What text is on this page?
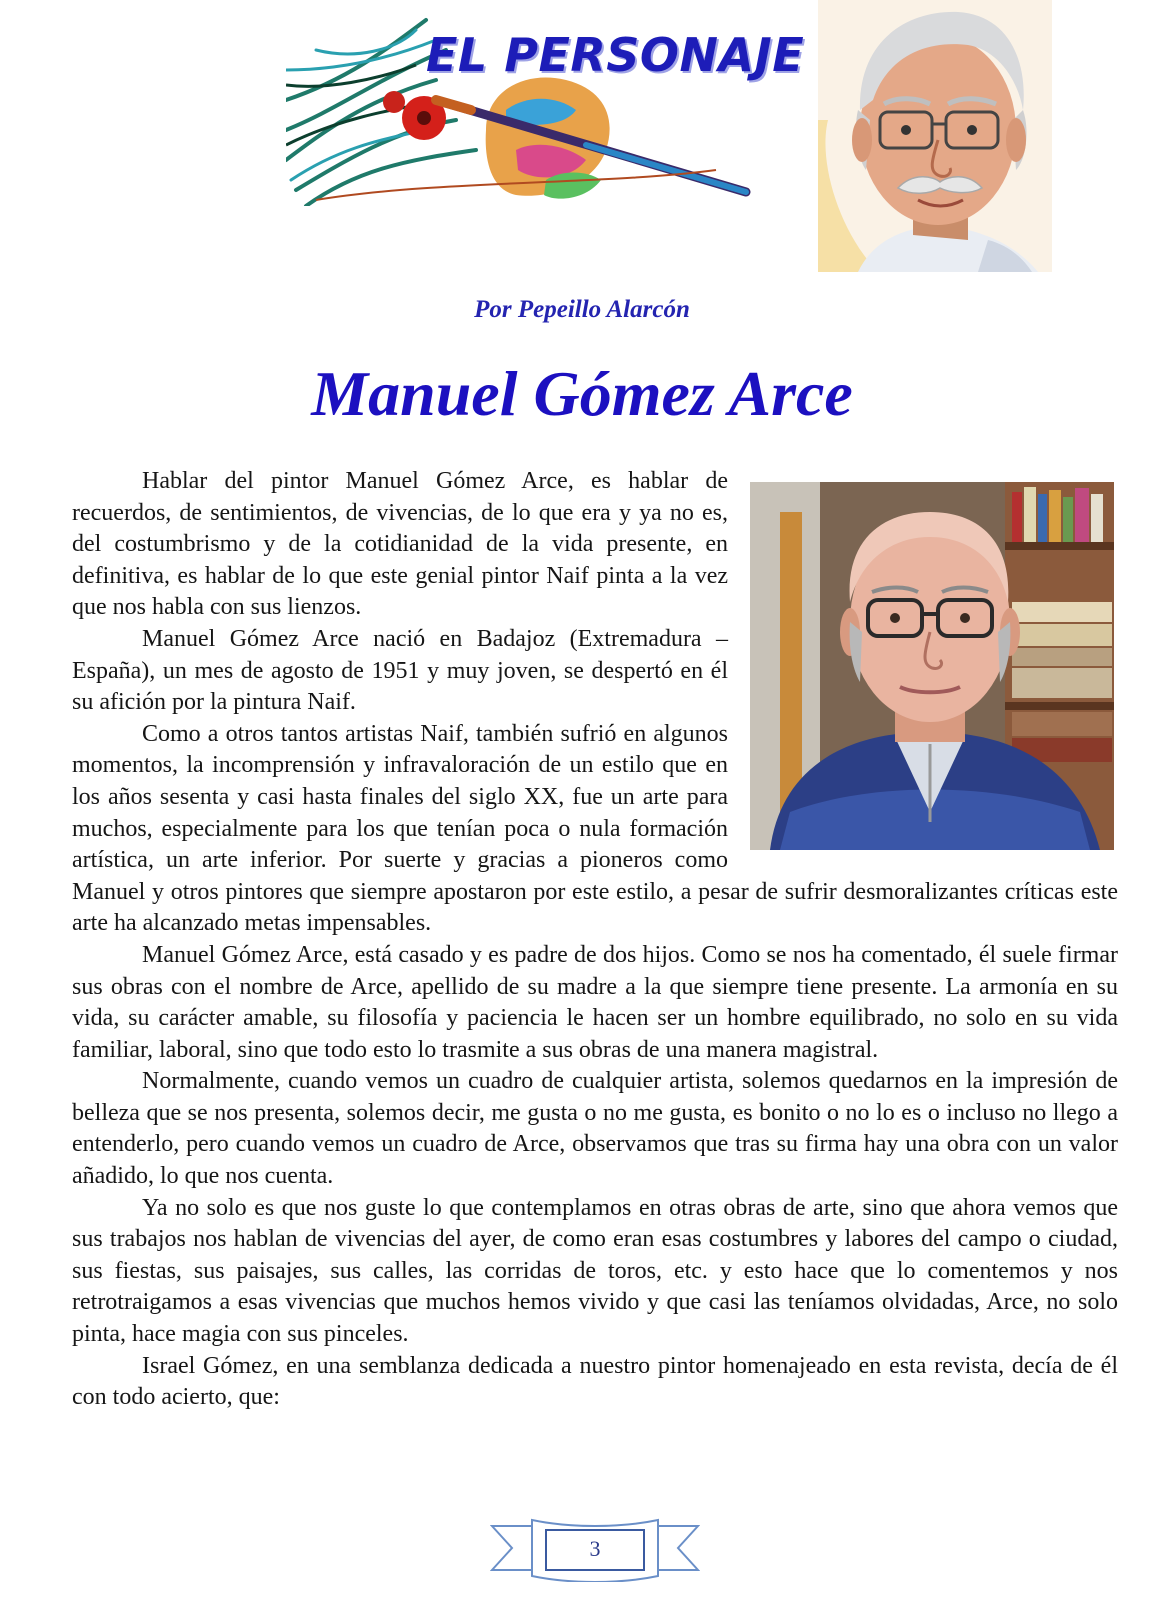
EL PERSONAJE
Por Pepeillo Alarcón
Manuel Gómez Arce

Hablar del pintor Manuel Gómez Arce, es hablar de recuerdos, de sentimientos, de vivencias, de lo que era y ya no es, del costumbrismo y de la cotidianidad de la vida presente, en definitiva, es hablar de lo que este genial pintor Naif pinta a la vez que nos habla con sus lienzos.

Manuel Gómez Arce nació en Badajoz (Extremadura – España), un mes de agosto de 1951 y muy joven, se despertó en él su afición por la pintura Naif.

Como a otros tantos artistas Naif, también sufrió en algunos momentos, la incomprensión y infravaloración de un estilo que en los años sesenta y casi hasta finales del siglo XX, fue un arte para muchos, especialmente para los que tenían poca o nula formación artística, un arte inferior. Por suerte y gracias a pioneros como Manuel y otros pintores que siempre apostaron por este estilo, a pesar de sufrir desmoralizantes críticas este arte ha alcanzado metas impensables.

Manuel Gómez Arce, está casado y es padre de dos hijos. Como se nos ha comentado, él suele firmar sus obras con el nombre de Arce, apellido de su madre a la que siempre tiene presente. La armonía en su vida, su carácter amable, su filosofía y paciencia le hacen ser un hombre equilibrado, no solo en su vida familiar, laboral, sino que todo esto lo trasmite a sus obras de una manera magistral.

Normalmente, cuando vemos un cuadro de cualquier artista, solemos quedarnos en la impresión de belleza que se nos presenta, solemos decir, me gusta o no me gusta, es bonito o no lo es o incluso no llego a entenderlo, pero cuando vemos un cuadro de Arce, observamos que tras su firma hay una obra con un valor añadido, lo que nos cuenta.

Ya no solo es que nos guste lo que contemplamos en otras obras de arte, sino que ahora vemos que sus trabajos nos hablan de vivencias del ayer, de como eran esas costumbres y labores del campo o ciudad, sus fiestas, sus paisajes, sus calles, las corridas de toros, etc. y esto hace que lo comentemos y nos retrotraigamos a esas vivencias que muchos hemos vivido y que casi las teníamos olvidadas, Arce, no solo pinta, hace magia con sus pinceles.

Israel Gómez, en una semblanza dedicada a nuestro pintor homenajeado en esta revista, decía de él con todo acierto, que:

3
